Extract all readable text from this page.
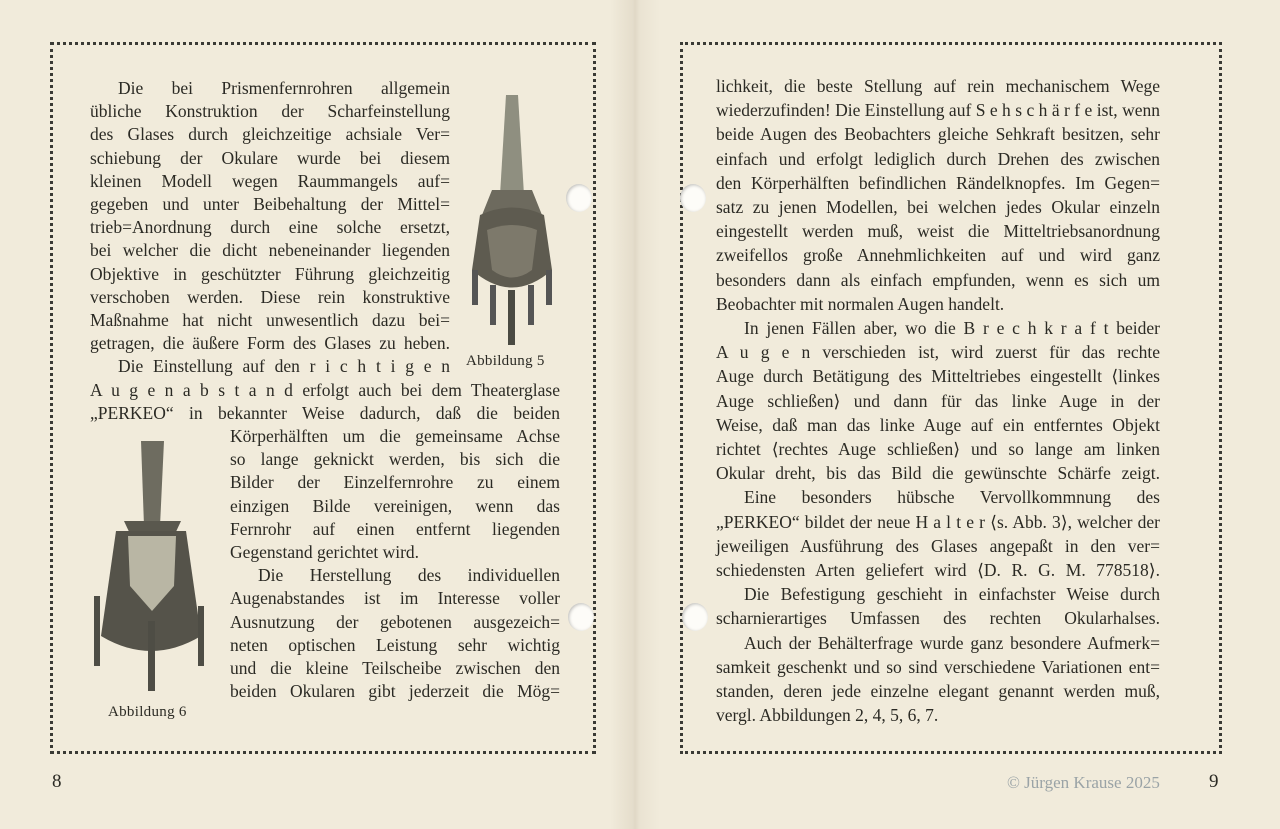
Die bei Prismenfernrohren allgemein
übliche Konstruktion der Scharfeinstellung
des Glases durch gleichzeitige achsiale Ver=
schiebung der Okulare wurde bei diesem
kleinen Modell wegen Raummangels auf=
gegeben und unter Beibehaltung der Mittel=
trieb=Anordnung durch eine solche ersetzt,
bei welcher die dicht nebeneinander liegenden
Objektive in geschützter Führung gleichzeitig
verschoben werden. Diese rein konstruktive
Maßnahme hat nicht unwesentlich dazu bei=
getragen, die äußere Form des Glases zu heben.
Die Einstellung auf den r i c h t i g e n
A u g e n a b s t a n d erfolgt auch bei dem Theaterglase
„PERKEO“ in bekannter Weise dadurch, daß die beiden
Körperhälften um die gemeinsame Achse
so lange geknickt werden, bis sich die
Bilder der Einzelfernrohre zu einem
einzigen Bilde vereinigen, wenn das
Fernrohr auf einen entfernt liegenden
Gegenstand gerichtet wird.
Die Herstellung des individuellen
Augenabstandes ist im Interesse voller
Ausnutzung der gebotenen ausgezeich=
neten optischen Leistung sehr wichtig
und die kleine Teilscheibe zwischen den
beiden Okularen gibt jederzeit die Mög=
lichkeit, die beste Stellung auf rein mechanischem Wege
wiederzufinden! Die Einstellung auf S e h s c h ä r f e ist, wenn
beide Augen des Beobachters gleiche Sehkraft besitzen, sehr
einfach und erfolgt lediglich durch Drehen des zwischen
den Körperhälften befindlichen Rändelknopfes. Im Gegen=
satz zu jenen Modellen, bei welchen jedes Okular einzeln
eingestellt werden muß, weist die Mitteltriebsanordnung
zweifellos große Annehmlichkeiten auf und wird ganz
besonders dann als einfach empfunden, wenn es sich um
Beobachter mit normalen Augen handelt.
In jenen Fällen aber, wo die B r e c h k r a f t beider
A u g e n verschieden ist, wird zuerst für das rechte
Auge durch Betätigung des Mitteltriebes eingestellt ⟨linkes
Auge schließen⟩ und dann für das linke Auge in der
Weise, daß man das linke Auge auf ein entferntes Objekt
richtet ⟨rechtes Auge schließen⟩ und so lange am linken
Okular dreht, bis das Bild die gewünschte Schärfe zeigt.
Eine besonders hübsche Vervollkommnung des
„PERKEO“ bildet der neue H a l t e r ⟨s. Abb. 3⟩, welcher der
jeweiligen Ausführung des Glases angepaßt in den ver=
schiedensten Arten geliefert wird ⟨D. R. G. M. 778518⟩.
Die Befestigung geschieht in einfachster Weise durch
scharnierartiges Umfassen des rechten Okularhalses.
Auch der Behälterfrage wurde ganz besondere Aufmerk=
samkeit geschenkt und so sind verschiedene Variationen ent=
standen, deren jede einzelne elegant genannt werden muß,
vergl. Abbildungen 2, 4, 5, 6, 7.
Abbildung 5
Abbildung 6
8	9
© Jürgen Krause 2025
